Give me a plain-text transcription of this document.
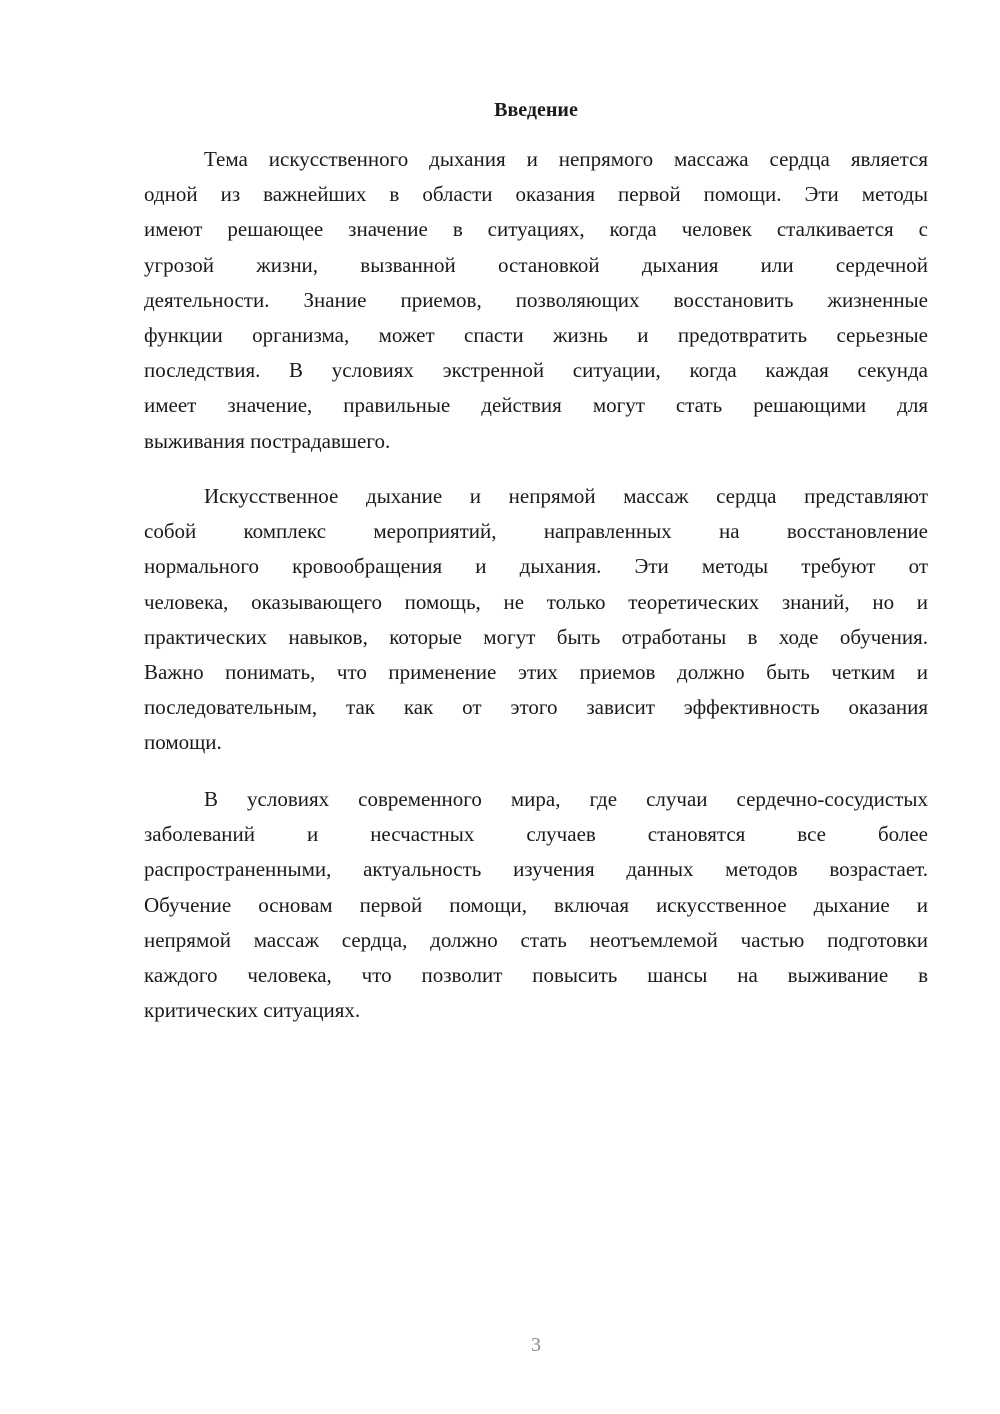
Введение
Тема искусственного дыхания и непрямого массажа сердца является
одной из важнейших в области оказания первой помощи. Эти методы
имеют решающее значение в ситуациях, когда человек сталкивается с
угрозой жизни, вызванной остановкой дыхания или сердечной
деятельности. Знание приемов, позволяющих восстановить жизненные
функции организма, может спасти жизнь и предотвратить серьезные
последствия. В условиях экстренной ситуации, когда каждая секунда
имеет значение, правильные действия могут стать решающими для
выживания пострадавшего.
Искусственное дыхание и непрямой массаж сердца представляют
собой комплекс мероприятий, направленных на восстановление
нормального кровообращения и дыхания. Эти методы требуют от
человека, оказывающего помощь, не только теоретических знаний, но и
практических навыков, которые могут быть отработаны в ходе обучения.
Важно понимать, что применение этих приемов должно быть четким и
последовательным, так как от этого зависит эффективность оказания
помощи.
В условиях современного мира, где случаи сердечно-сосудистых
заболеваний и несчастных случаев становятся все более
распространенными, актуальность изучения данных методов возрастает.
Обучение основам первой помощи, включая искусственное дыхание и
непрямой массаж сердца, должно стать неотъемлемой частью подготовки
каждого человека, что позволит повысить шансы на выживание в
критических ситуациях.
3
